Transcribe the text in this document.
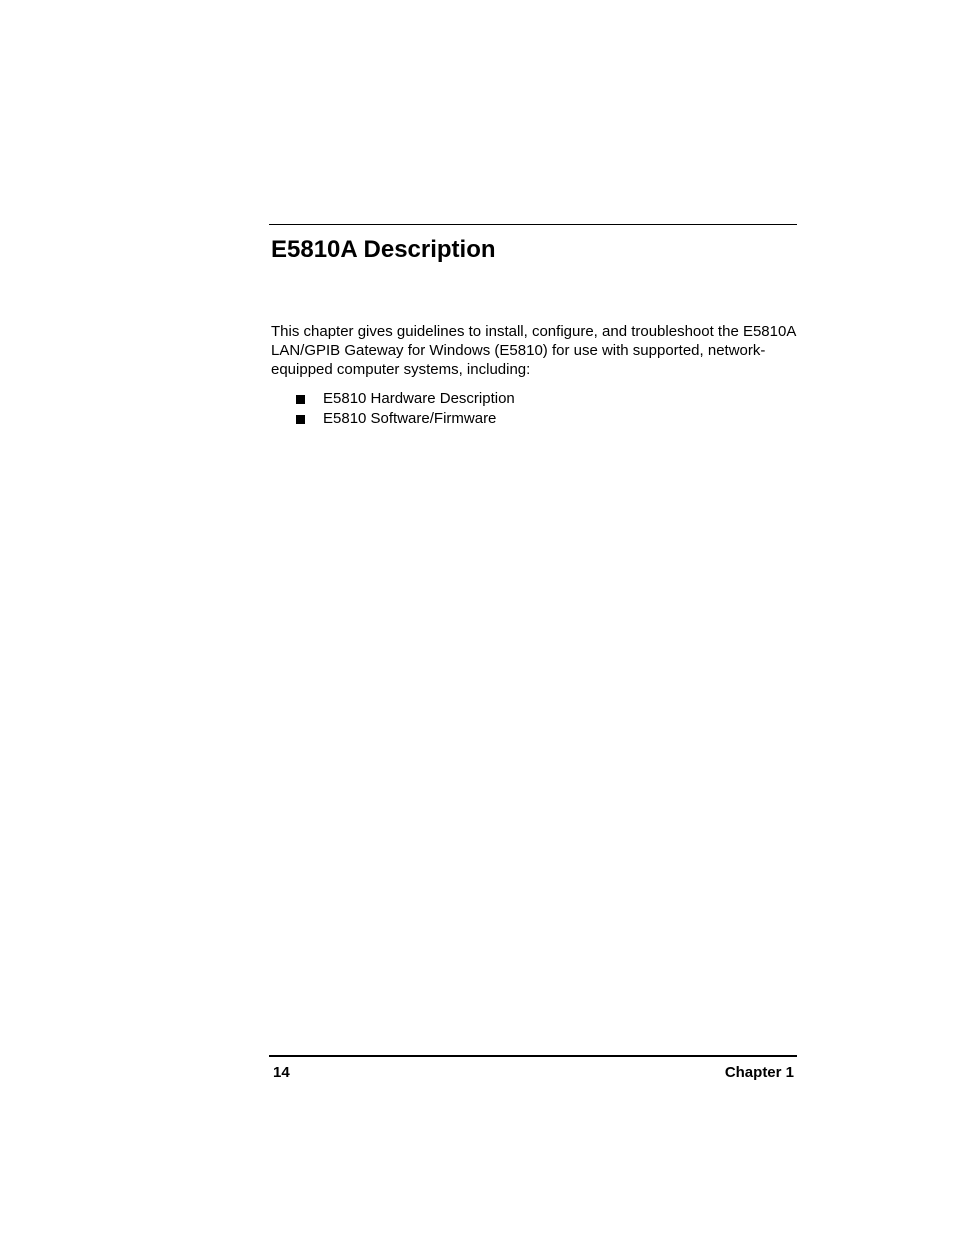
E5810A Description

This chapter gives guidelines to install, configure, and troubleshoot the E5810A LAN/GPIB Gateway for Windows (E5810) for use with supported, network-equipped computer systems, including:

E5810 Hardware Description
E5810 Software/Firmware
14	Chapter 1
